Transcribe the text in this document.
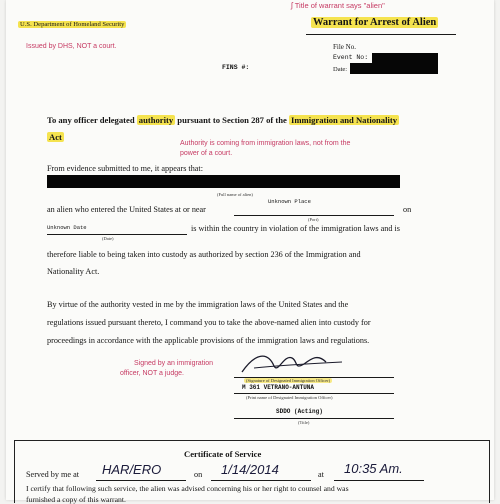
ʃ Title of warrant says "alien"
U.S. Department of Homeland Security
Issued by DHS, NOT a court.
Warrant for Arrest of Alien
File No.
Event No:
Date:
FINS #:
To any officer delegated authority pursuant to Section 287 of the Immigration and Nationality
Act
Authority is coming from immigration laws, not from the
power of a court.
From evidence submitted to me, it appears that:
(Full name of alien)
an alien who entered the United States at or near
Unknown Place
(Port)
on
Unknown Date
(Date)
is within the country in violation of the immigration laws and is
therefore liable to being taken into custody as authorized by section 236 of the Immigration and
Nationality Act.
By virtue of the authority vested in me by the immigration laws of the United States and the
regulations issued pursuant thereto, I command you to take the above-named alien into custody for
proceedings in accordance with the applicable provisions of the immigration laws and regulations.
Signed by an immigration
officer, NOT a judge.
(Signature of Designated Immigration Officer)
M 361 VETRANO-ANTUNA
(Print name of Designated Immigration Officer)
SDDO (Acting)
(Title)
Certificate of Service
Served by me at HAR/ERO	on 1/14/2014	at 10:35 Am.
I certify that following such service, the alien was advised concerning his or her right to counsel and was
furnished a copy of this warrant.
